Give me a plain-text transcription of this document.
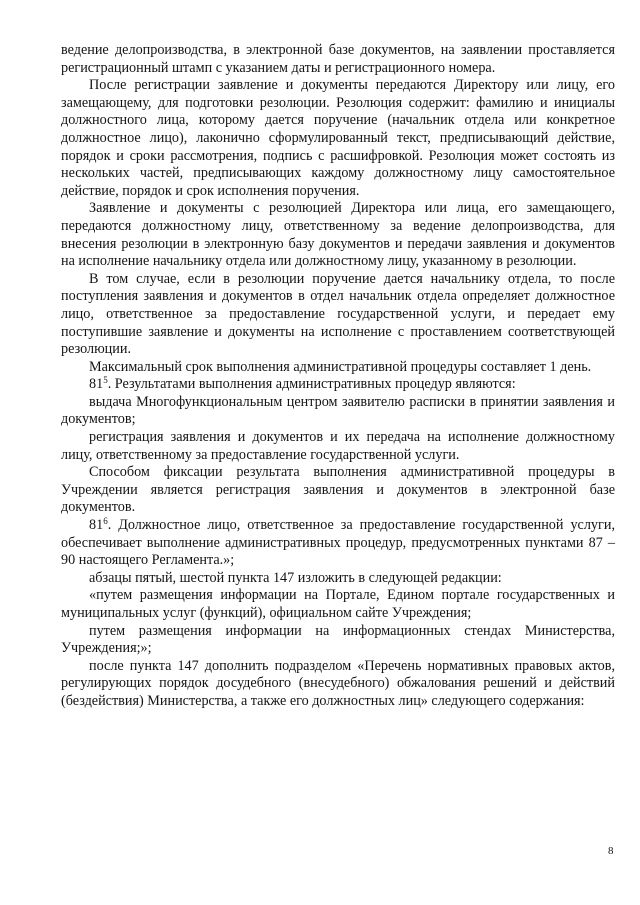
ведение делопроизводства, в электронной базе документов, на заявлении проставляется регистрационный штамп с указанием даты и регистрационного номера.

После регистрации заявление и документы передаются Директору или лицу, его замещающему, для подготовки резолюции. Резолюция содержит: фамилию и инициалы должностного лица, которому дается поручение (начальник отдела или конкретное должностное лицо), лаконично сформулированный текст, предписывающий действие, порядок и сроки рассмотрения, подпись с расшифровкой. Резолюция может состоять из нескольких частей, предписывающих каждому должностному лицу самостоятельное действие, порядок и срок исполнения поручения.

Заявление и документы с резолюцией Директора или лица, его замещающего, передаются должностному лицу, ответственному за ведение делопроизводства, для внесения резолюции в электронную базу документов и передачи заявления и документов на исполнение начальнику отдела или должностному лицу, указанному в резолюции.

В том случае, если в резолюции поручение дается начальнику отдела, то после поступления заявления и документов в отдел начальник отдела определяет должностное лицо, ответственное за предоставление государственной услуги, и передает ему поступившие заявление и документы на исполнение с проставлением соответствующей резолюции.

Максимальный срок выполнения административной процедуры составляет 1 день.

$81^5$. Результатами выполнения административных процедур являются:

выдача Многофункциональным центром заявителю расписки в принятии заявления и документов;

регистрация заявления и документов и их передача на исполнение должностному лицу, ответственному за предоставление государственной услуги.

Способом фиксации результата выполнения административной процедуры в Учреждении является регистрация заявления и документов в электронной базе документов.

$81^6$. Должностное лицо, ответственное за предоставление государственной услуги, обеспечивает выполнение административных процедур, предусмотренных пунктами 87 – 90 настоящего Регламента.»;

абзацы пятый, шестой пункта 147 изложить в следующей редакции:

«путем размещения информации на Портале, Едином портале государственных и муниципальных услуг (функций), официальном сайте Учреждения;

путем размещения информации на информационных стендах Министерства, Учреждения;»;

после пункта 147 дополнить подразделом «Перечень нормативных правовых актов, регулирующих порядок досудебного (внесудебного) обжалования решений и действий (бездействия) Министерства, а также его должностных лиц» следующего содержания:

8
